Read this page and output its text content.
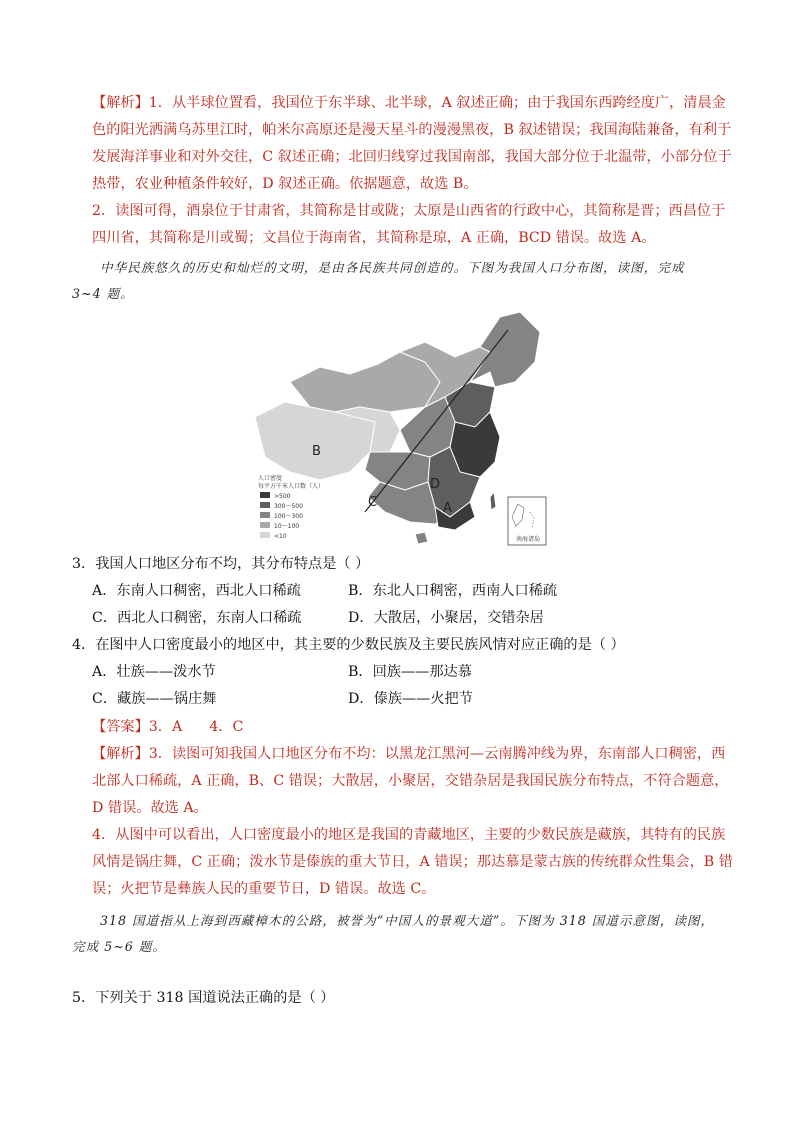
【解析】1．从半球位置看，我国位于东半球、北半球，A 叙述正确；由于我国东西跨经度广，清晨金
色的阳光洒满乌苏里江时，帕米尔高原还是漫天星斗的漫漫黑夜，B 叙述错误；我国海陆兼备，有利于
发展海洋事业和对外交往，C 叙述正确；北回归线穿过我国南部，我国大部分位于北温带，小部分位于
热带，农业种植条件较好，D 叙述正确。依据题意，故选 B。
2．读图可得，酒泉位于甘肃省，其简称是甘或陇；太原是山西省的行政中心，其简称是晋；西昌位于
四川省，其简称是川或蜀；文昌位于海南省，其简称是琼，A 正确，BCD 错误。故选 A。
中华民族悠久的历史和灿烂的文明，是由各民族共同创造的。下图为我国人口分布图，读图，完成
3~4 题。
A
B
C
D
人口密度
每平方千米人口数（人）
>500
300～500
100～300
10～100
<10	南海诸岛
3．我国人口地区分布不均，其分布特点是（ ）
A．东南人口稠密，西北人口稀疏	B．东北人口稠密，西南人口稀疏
C．西北人口稠密，东南人口稀疏	D．大散居，小聚居，交错杂居
4．在图中人口密度最小的地区中，其主要的少数民族及主要民族风情对应正确的是（ ）
A．壮族——泼水节	B．回族——那达慕
C．藏族——锅庄舞	D．傣族——火把节
【答案】3．A      4．C
【解析】3．读图可知我国人口地区分布不均：以黑龙江黑河—云南腾冲线为界，东南部人口稠密，西
北部人口稀疏，A 正确，B、C 错误；大散居，小聚居，交错杂居是我国民族分布特点，不符合题意，
D 错误。故选 A。
4．从图中可以看出，人口密度最小的地区是我国的青藏地区，主要的少数民族是藏族，其特有的民族
风情是锅庄舞，C 正确；泼水节是傣族的重大节日，A 错误；那达慕是蒙古族的传统群众性集会，B 错
误；火把节是彝族人民的重要节日，D 错误。故选 C。
318 国道指从上海到西藏樟木的公路，被誉为“中国人的景观大道”。下图为 318 国道示意图，读图，
完成 5~6 题。
5．下列关于 318 国道说法正确的是（ ）
